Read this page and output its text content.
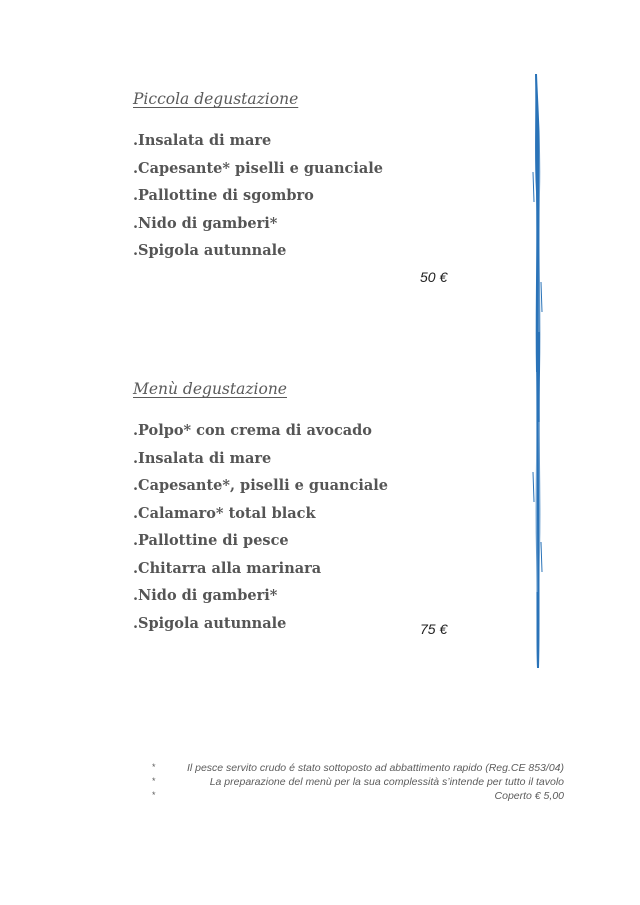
Piccola degustazione

.Insalata di mare

.Capesante* piselli e guanciale

.Pallottine di sgombro

.Nido di gamberi*

.Spigola autunnale

50 €

Menù degustazione

.Polpo* con crema di avocado

.Insalata di mare

.Capesante*, piselli e guanciale

.Calamaro* total black

.Pallottine di pesce

.Chitarra alla marinara

.Nido di gamberi*

.Spigola autunnale	75 €

*	Il pesce servito crudo é stato sottoposto ad abbattimento rapido (Reg.CE 853/04)
*	La preparazione del menù per la sua complessità s’intende per tutto il tavolo
*	Coperto € 5,00
